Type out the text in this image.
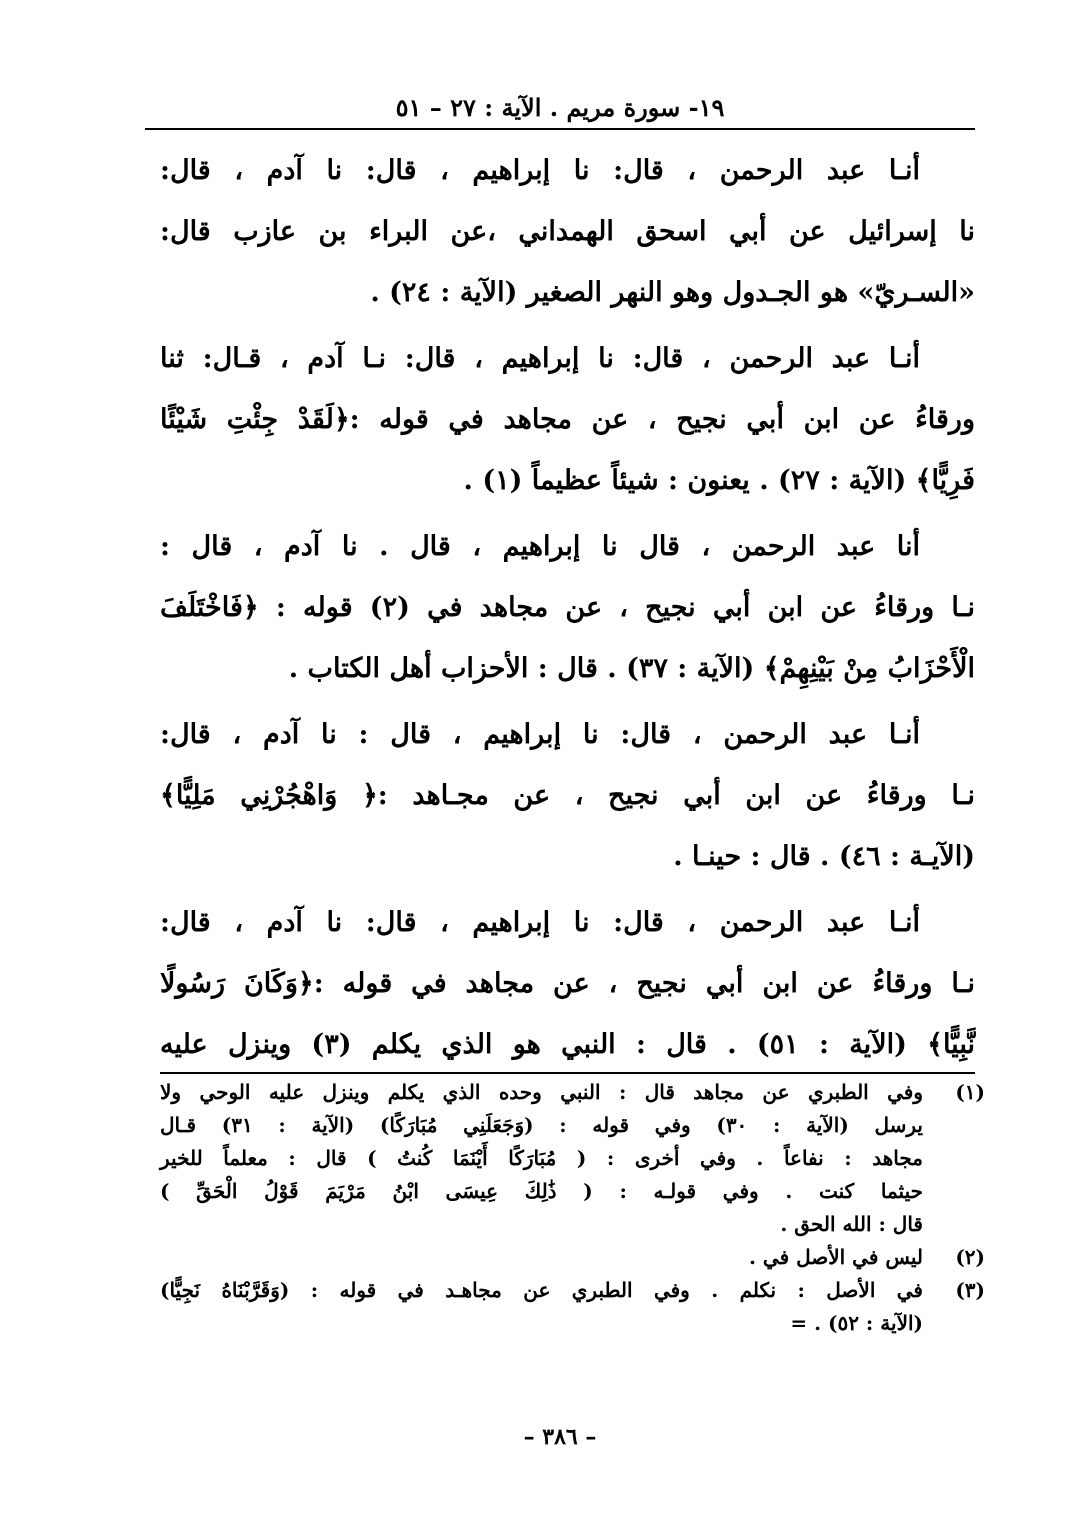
١٩- سورة مريم . الآية : ٢٧ – ٥١
أنـا عبد الرحمن ، قال: نا إبراهيم ، قال: نا آدم ، قال:
نا إسرائيل عن أبي اسحق الهمداني ،عن البراء بن عازب قال:
«السـريّ» هو الجـدول وهو النهر الصغير (الآية : ٢٤) .
أنـا عبد الرحمن ، قال: نا إبراهيم ، قال: نـا آدم ، قـال: ثنا
ورقاءُ عن ابن أبي نجيح ، عن مجاهد في قوله :﴿لَقَدْ جِئْتِ شَيْئًا
فَرِيًّا﴾ (الآية : ٢٧) . يعنون : شيئاً عظيماً (١) .
أنا عبد الرحمن ، قال نا إبراهيم ، قال . نا آدم ، قال :
نـا ورقاءُ عن ابن أبي نجيح ، عن مجاهد في (٢) قوله : ﴿فَاخْتَلَفَ
الْأَحْزَابُ مِنْ بَيْنِهِمْ﴾ (الآية : ٣٧) . قال : الأحزاب أهل الكتاب .
أنـا عبد الرحمن ، قال: نا إبراهيم ، قال : نا آدم ، قال:
نـا ورقاءُ عن ابن أبي نجيح ، عن مجـاهد :﴿ وَاهْجُرْنِي مَلِيًّا﴾
(الآيـة : ٤٦) . قال : حينـا .
أنـا عبد الرحمن ، قال: نا إبراهيم ، قال: نا آدم ، قال:
نـا ورقاءُ عن ابن أبي نجيح ، عن مجاهد في قوله :﴿وَكَانَ رَسُولًا
نَّبِيًّا﴾ (الآية : ٥١) . قال : النبي هو الذي يكلم (٣) وينزل عليه
(١)
وفي الطبري عن مجاهد قال : النبي وحده الذي يكلم وينزل عليه الوحي ولا
يرسل (الآية : ٣٠) وفي قوله : (وَجَعَلَنِي مُبَارَكًا) (الآية : ٣١) قـال
مجاهد : نفاعاً . وفي أخرى : ( مُبَارَكًا أَيْنَمَا كُنتُ ) قال : معلماً للخير
حيثما كنت . وفي قولـه : ( ذَٰلِكَ عِيسَى ابْنُ مَرْيَمَ قَوْلُ الْحَقِّ )
قال : الله الحق .
(٢)
ليس في الأصل في .
(٣)
في الأصل : نكلم . وفي الطبري عن مجاهـد في قوله : (وَقَرَّبْنَاهُ نَجِيًّا)
(الآية : ٥٢) . =
– ٣٨٦ –
